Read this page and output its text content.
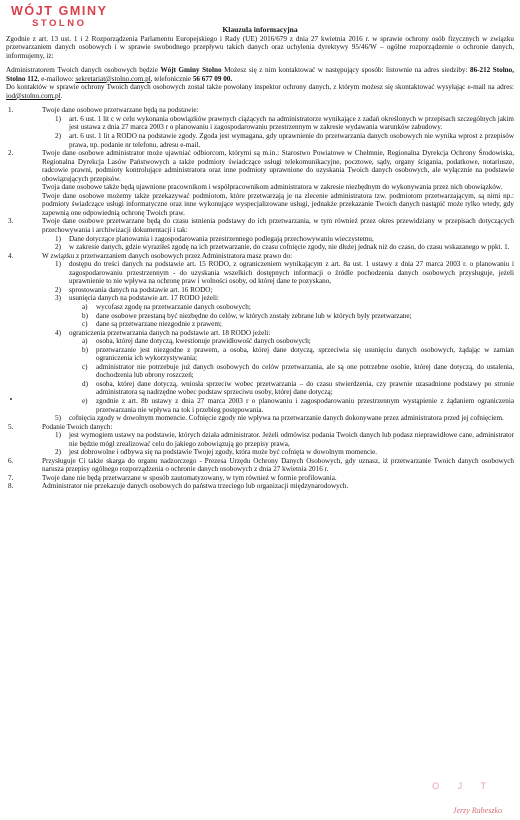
WÓJT GMINY
STOLNO
Klauzula informacyjna

Zgodnie z art. 13 ust. 1 i 2 Rozporządzenia Parlamentu Europejskiego i Rady (UE) 2016/679 z dnia 27 kwietnia 2016 r. w sprawie ochrony osób fizycznych w związku przetwarzaniem danych osobowych i w sprawie swobodnego przepływu takich danych oraz uchylenia dyrektywy 95/46/W – ogólne rozporządzenie o ochronie danych, informujemy, iż:

Administratorem Twoich danych osobowych będzie Wójt Gminy Stolno Możesz się z nim kontaktować w następujący sposób: listownie na adres siedziby: 86-212 Stolno, Stolno 112, e-mailowo: sekretariat@stolno.com.pl, telefonicznie 56 677 09 00.

Do kontaktów w sprawie ochrony Twoich danych osobowych został także powołany inspektor ochrony danych, z którym możesz się skontaktować wysyłając e-mail na adres: iod@stolno.com.pl.

1.	Twoje dane osobowe przetwarzane będą na podstawie:
1) art. 6 ust. 1 lit c w celu wykonania obowiązków prawnych ciążących na administratorze wynikające z zadań określonych w przepisach szczególnych jakim jest ustawa z dnia 27 marca 2003 r o planowaniu i zagospodarowaniu przestrzennym w zakresie wydawania warunków zabudowy.
2) art. 6 ust. 1 lit a RODO na podstawie zgody. Zgoda jest wymagana, gdy uprawnienie do przetwarzania danych osobowych nie wynika wprost z przepisów prawa, np. podanie nr telefonu, adresu e-mail.
2.	Twoje dane osobowe administrator może ujawniać odbiorcom, którymi są m.in.: Starostwo Powiatowe w Chełmnie, Regionalna Dyrekcja Ochrony Środowiska, Regionalna Dyrekcja Lasów Państwowych a także podmioty świadczące usługi telekomunikacyjne, pocztowe, sądy, organy ścigania, podatkowe, notariusze, radcowie prawni, podmioty kontrolujące administratora oraz inne podmioty uprawnione do uzyskania Twoich danych osobowych, ale wyłącznie na podstawie obowiązujących przepisów.
Twoja dane osobowe także będą ujawnione pracownikom i współpracownikom administratora w zakresie niezbędnym do wykonywania przez nich obowiązków.
Twoje dane osobowe możemy także przekazywać podmiotom, które przetwarzają je na zlecenie administratora tzw. podmiotom przetwarzającym, są nimi np.: podmioty świadczące usługi informatyczne oraz inne wykonujące wyspecjalizowane usługi, jednakże przekazanie Twoich danych nastąpić może tylko wtedy, gdy zapewnią one odpowiednią ochronę Twoich praw.
3.	Twoje dane osobowe przetwarzane będą do czasu istnienia podstawy do ich przetwarzania, w tym również przez okres przewidziany w przepisach dotyczących przechowywania i archiwizacji dokumentacji i tak:
1) Dane dotyczące planowania i zagospodarowania przestrzennego podlegają przechowywaniu wieczystemu,
2) w zakresie danych, gdzie wyraziłeś zgodę na ich przetwarzanie, do czasu cofnięcie zgody, nie dłużej jednak niż do czasu, do czasu wskazanego w ppkt. 1.
4.	W związku z przetwarzaniem danych osobowych przez Administratora masz prawo do:
1) dostępu do treści danych na podstawie art. 15 RODO, z ograniczeniem wynikającym z art. 8a ust. 1 ustawy z dnia 27 marca 2003 r. o planowaniu i zagospodarowaniu przestrzennym - do uzyskania wszelkich dostępnych informacji o źródle pochodzenia danych osobowych przysługuje, jeżeli uprawnienie to nie wpływa na ochronę praw i wolności osoby, od której dane te pozyskano,
2) sprostowania danych na podstawie art. 16 RODO;
3) usunięcia danych na podstawie art. 17 RODO jeżeli:
a) wycofasz zgodę na przetwarzanie danych osobowych;
b) dane osobowe przestaną być niezbędne do celów, w których zostały zebrane lub w których były przetwarzane;
c) dane są przetwarzane niezgodnie z prawem;
4) ograniczenia przetwarzania danych na podstawie art. 18 RODO jeżeli:
a) osoba, której dane dotyczą, kwestionuje prawidłowość danych osobowych;
b) przetwarzanie jest niezgodne z prawem, a osoba, której dane dotyczą, sprzeciwia się usunięciu danych osobowych, żądając w zamian ograniczenia ich wykorzystywania;
c) administrator nie potrzebuje już danych osobowych do celów przetwarzania, ale są one potrzebne osobie, której dane dotyczą, do ustalenia, dochodzenia lub obrony roszczeń;
d) osoba, której dane dotyczą, wniosła sprzeciw wobec przetwarzania – do czasu stwierdzenia, czy prawnie uzasadnione podstawy po stronie administratora są nadrzędne wobec podstaw sprzeciwu osoby, której dane dotyczą;
e) zgodnie z art. 8b ustawy z dnia 27 marca 2003 r o planowaniu i zagospodarowaniu przestrzennym wystąpienie z żądaniem ograniczenia przetwarzania nie wpływa na tok i przebieg postępowania.
5) cofnięcia zgody w dowolnym momencie. Cofnięcie zgody nie wpływa na przetwarzanie danych dokonywane przez administratora przed jej cofnięciem.
5.	Podanie Twoich danych:
1) jest wymogiem ustawy na podstawie, których działa administrator. Jeżeli odmówisz podania Twoich danych lub podasz nieprawidłowe cane, administrator nie będzie mógł zrealizować celu do jakiego zobowiązują go przepisy prawa,
2) jest dobrowolne i odbywa się na podstawie Twojej zgody, która może być cofnięta w dowolnym momencie.
6.	Przysługuje Ci także skarga do organu nadzorczego - Prezesa Urzędu Ochrony Danych Osobowych, gdy uznasz, iż przetwarzanie Twoich danych osobowych narusza przepisy ogólnego rozporządzenia o ochronie danych osobowych z dnia 27 kwietnia 2016 r.
7.	Twoje dane nie będą przetwarzane w sposób zautomatyzowany, w tym również w formie profilowania.
8.	Administrator nie przekazuje danych osobowych do państwa trzeciego lub organizacji międzynarodowych.
O J T
Jerzy Rabeszko
